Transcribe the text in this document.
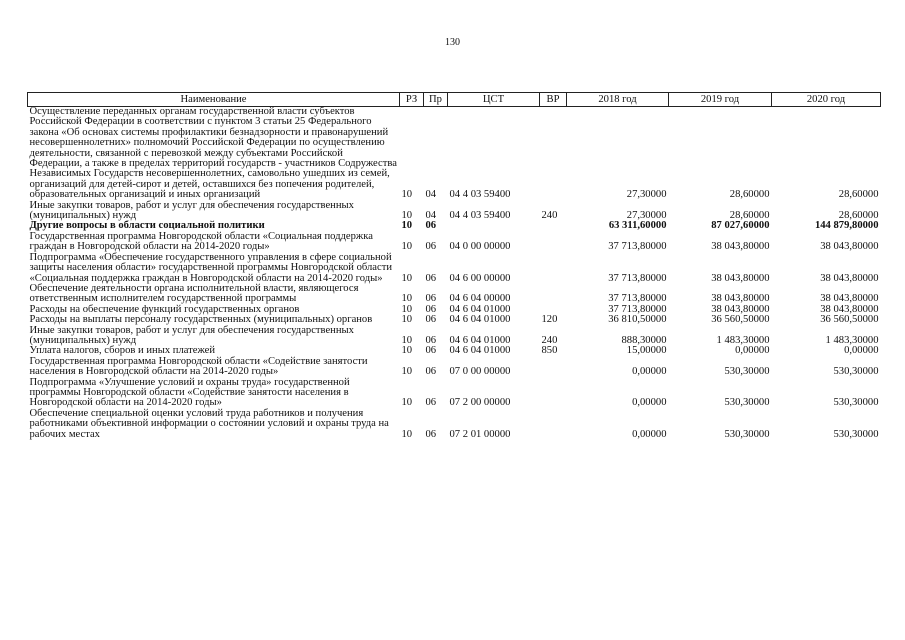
130
Наименование	РЗ	Пр	ЦСТ	ВР	2018 год	2019 год	2020 год
Осуществление переданных органам государственной власти субъектов Российской Федерации в соответствии с пунктом 3 статьи 25 Федерального закона «Об основах системы профилактики безнадзорности и правонарушений несовершеннолетних» полномочий Российской Федерации по осуществлению деятельности, связанной с перевозкой между субъектами Российской Федерации, а также в пределах территорий государств - участников Содружества Независимых Государств несовершеннолетних, самовольно ушедших из семей, организаций для детей-сирот и детей, оставшихся без попечения родителей, образовательных организаций и иных организаций	10	04	04 4 03 59400		27,30000	28,60000	28,60000
Иные закупки товаров, работ и услуг для обеспечения государственных (муниципальных) нужд	10	04	04 4 03 59400	240	27,30000	28,60000	28,60000
Другие вопросы в области социальной политики	10	06			63 311,60000	87 027,60000	144 879,80000
Государственная программа Новгородской области «Социальная поддержка граждан в Новгородской области на 2014-2020 годы»	10	06	04 0 00 00000		37 713,80000	38 043,80000	38 043,80000
Подпрограмма «Обеспечение государственного управления в сфере социальной защиты населения области» государственной программы Новгородской области «Социальная поддержка граждан в Новгородской области на 2014-2020 годы»	10	06	04 6 00 00000		37 713,80000	38 043,80000	38 043,80000
Обеспечение деятельности органа исполнительной власти, являющегося ответственным исполнителем государственной программы	10	06	04 6 04 00000		37 713,80000	38 043,80000	38 043,80000
Расходы на обеспечение функций государственных органов	10	06	04 6 04 01000		37 713,80000	38 043,80000	38 043,80000
Расходы на выплаты персоналу государственных (муниципальных) органов	10	06	04 6 04 01000	120	36 810,50000	36 560,50000	36 560,50000
Иные закупки товаров, работ и услуг для обеспечения государственных (муниципальных) нужд	10	06	04 6 04 01000	240	888,30000	1 483,30000	1 483,30000
Уплата налогов, сборов и иных платежей	10	06	04 6 04 01000	850	15,00000	0,00000	0,00000
Государственная программа Новгородской области «Содействие занятости населения в Новгородской области на 2014-2020 годы»	10	06	07 0 00 00000		0,00000	530,30000	530,30000
Подпрограмма «Улучшение условий и охраны труда» государственной программы Новгородской области «Содействие занятости населения в Новгородской области на 2014-2020 годы»	10	06	07 2 00 00000		0,00000	530,30000	530,30000
Обеспечение специальной оценки условий труда работников и получения работниками объективной информации о состоянии условий и охраны труда на рабочих местах	10	06	07 2 01 00000		0,00000	530,30000	530,30000
